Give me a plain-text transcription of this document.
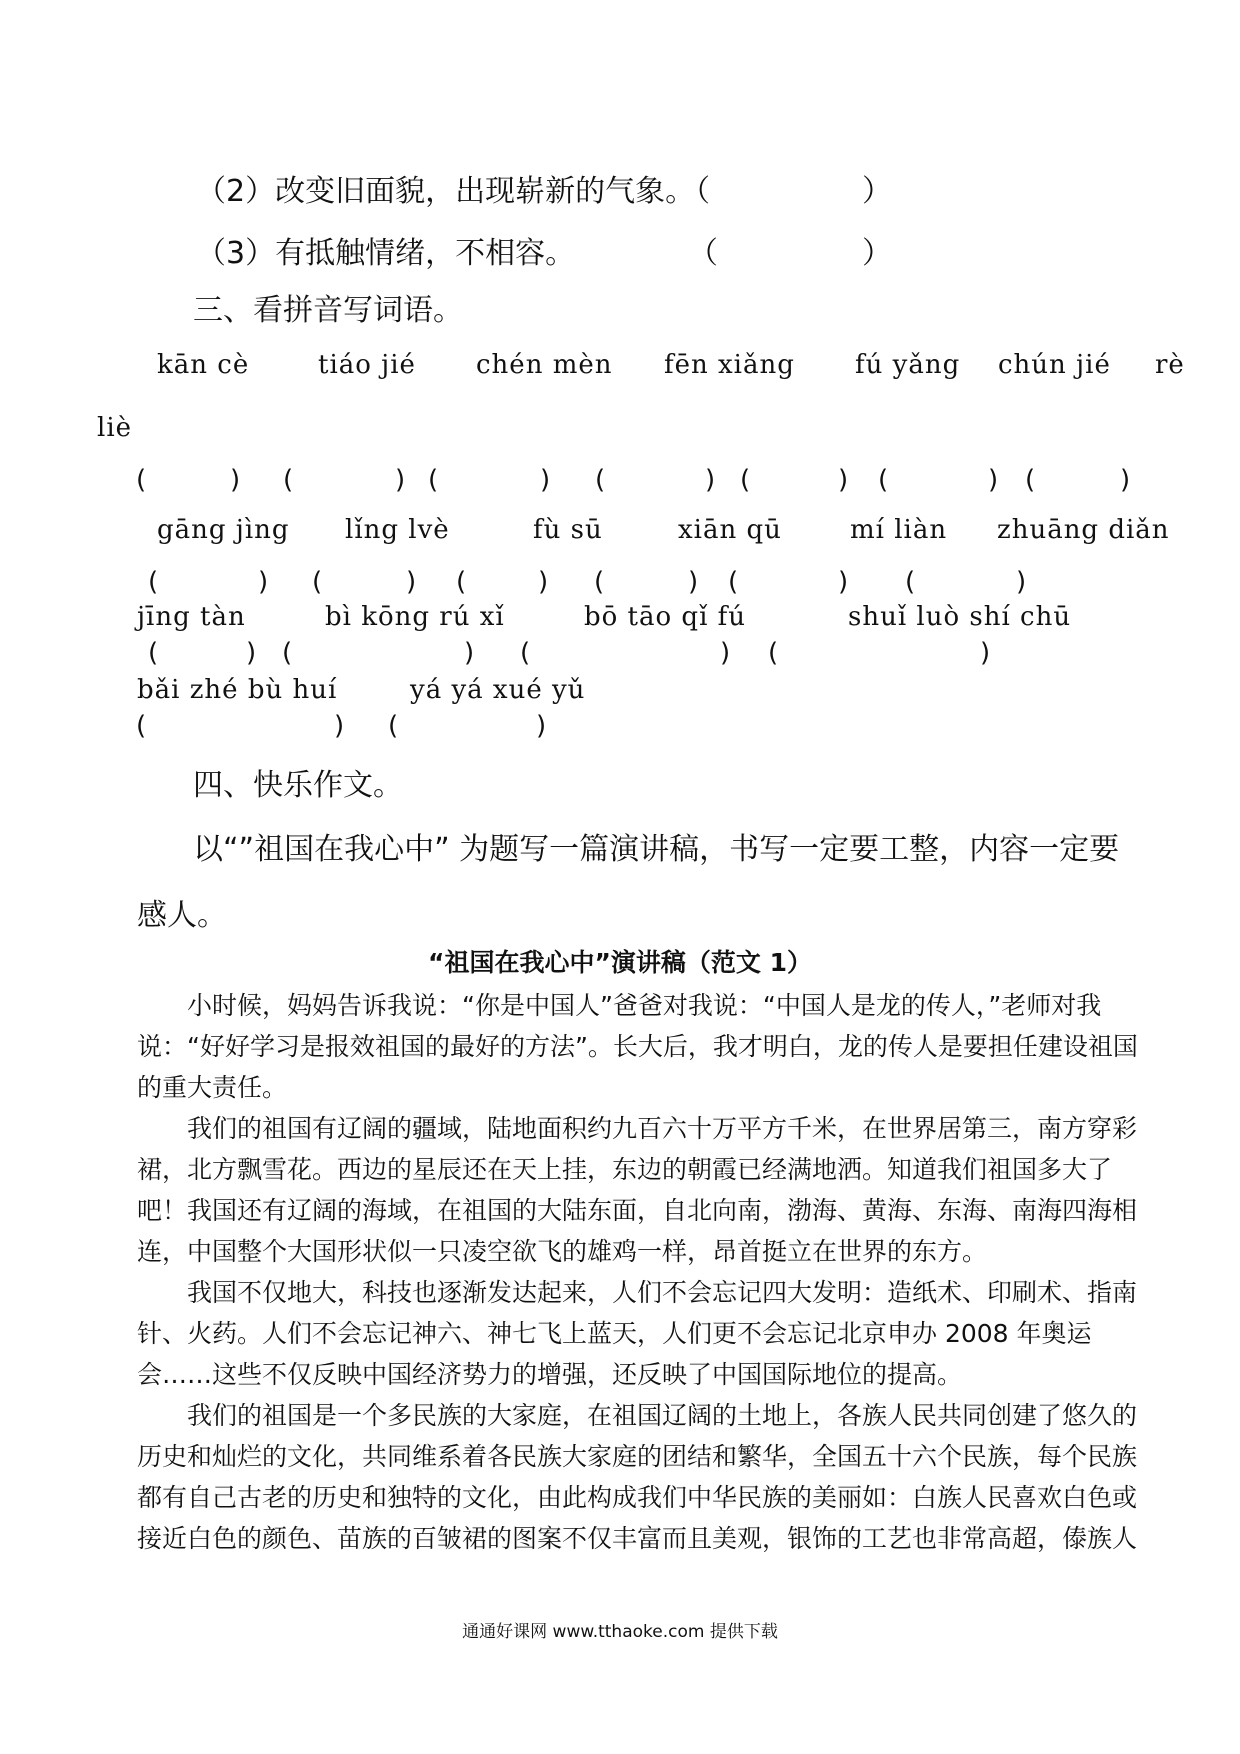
（2）改变旧面貌，出现崭新的气象。（	）
（3）有抵触情绪，不相容。	（	）
三、看拼音写词语。
kān cè	tiáo jié chén mèn fēn xiǎng fú yǎng chún jié rè
liè
(	) (	) (	) (	) (	) (	) (	)
gāng jìng lǐng lvè	fù sū	xiān qū	mí liàn zhuāng diǎn
(	) (	) (	) (	) (	) (	)
jīng tàn	bì kōng rú xǐ	bō tāo qǐ fú	shuǐ luò shí chū
(	) (	) (	) (	)
bǎi zhé bù huí	yá yá xué yǔ
(	) (	)
四、快乐作文。
以“”祖国在我心中” 为题写一篇演讲稿，书写一定要工整，内容一定要
感人。
“祖国在我心中”演讲稿（范文 1）
小时候，妈妈告诉我说：“你是中国人”爸爸对我说：“中国人是龙的传人，”老师对我说：“好好学习是报效祖国的最好的方法”。长大后，我才明白，龙的传人是要担任建设祖国的重大责任。
我们的祖国有辽阔的疆域，陆地面积约九百六十万平方千米，在世界居第三，南方穿彩裙，北方飘雪花。西边的星辰还在天上挂，东边的朝霞已经满地洒。知道我们祖国多大了吧！我国还有辽阔的海域，在祖国的大陆东面，自北向南，渤海、黄海、东海、南海四海相连，中国整个大国形状似一只凌空欲飞的雄鸡一样，昂首挺立在世界的东方。
我国不仅地大，科技也逐渐发达起来，人们不会忘记四大发明：造纸术、印刷术、指南针、火药。人们不会忘记神六、神七飞上蓝天，人们更不会忘记北京申办 2008 年奥运会……这些不仅反映中国经济势力的增强，还反映了中国国际地位的提高。
我们的祖国是一个多民族的大家庭，在祖国辽阔的土地上，各族人民共同创建了悠久的历史和灿烂的文化，共同维系着各民族大家庭的团结和繁华，全国五十六个民族，每个民族都有自己古老的历史和独特的文化，由此构成我们中华民族的美丽如：白族人民喜欢白色或接近白色的颜色、苗族的百皱裙的图案不仅丰富而且美观，银饰的工艺也非常高超，傣族人
通通好课网 www.tthaoke.com 提供下载
